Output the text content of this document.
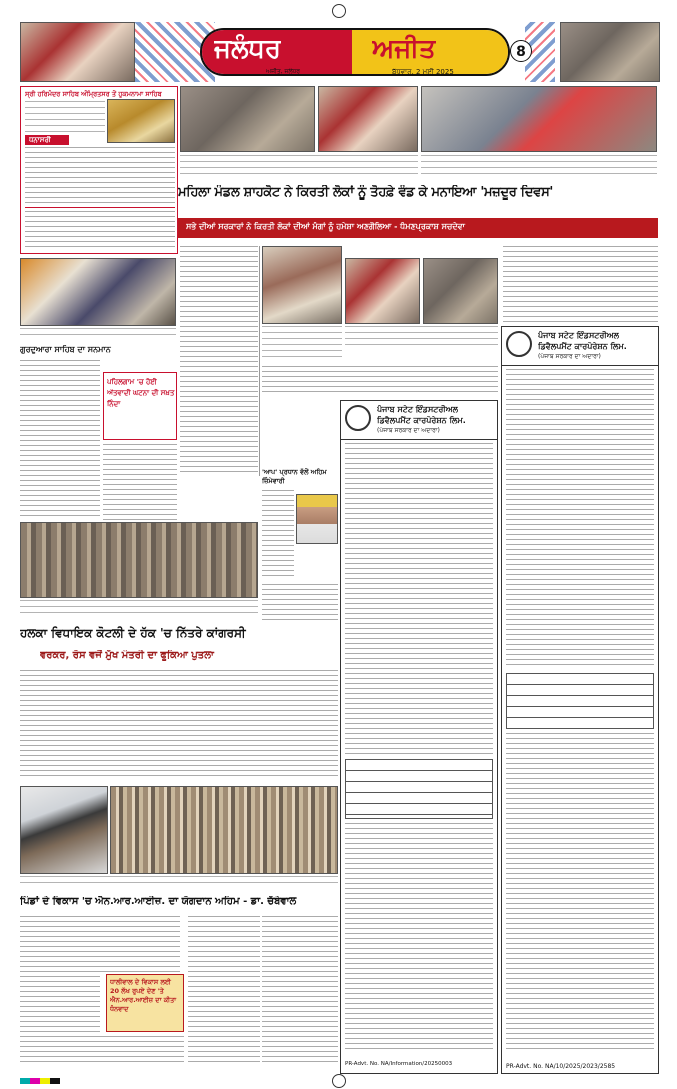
ਜਲੰਧਰ	ਅਜੀਤ
ਅਜੀਤ, ਜਲੰਧਰ	ਬੁੱਧਵਾਰ, 2 ਮਈ 2025
8
ਸ੍ਰੀ ਹਰਿਮੰਦਰ ਸਾਹਿਬ ਅੰਮ੍ਰਿਤਸਰ ਤੋਂ ਹੁਕਮਨਾਮਾ ਸਾਹਿਬ
ਧਨਾਸਰੀ
ਮਹਿਲਾ ਮੰਡਲ ਸ਼ਾਹਕੋਟ ਨੇ ਕਿਰਤੀ ਲੋਕਾਂ ਨੂੰ ਤੋਹਫ਼ੇ ਵੰਡ ਕੇ ਮਨਾਇਆ 'ਮਜ਼ਦੂਰ ਦਿਵਸ'
ਸਭੇ ਦੀਆਂ ਸਰਕਾਰਾਂ ਨੇ ਕਿਰਤੀ ਲੋਕਾਂ ਦੀਆਂ ਮੰਗਾਂ ਨੂੰ ਹਮੇਸ਼ਾ ਅਣਗੌਲਿਆ - ਧੰਮਣਪ੍ਰਕਾਸ਼ ਸਚਦੇਵਾ
ਗੁਰਦੁਆਰਾ ਸਾਹਿਬ ਦਾ ਸਨਮਾਨ
ਪਹਿਲਗਾਮ 'ਚ ਹੋਈ ਅੱਤਵਾਦੀ ਘਟਨਾ ਦੀ ਸਖ਼ਤ ਨਿੰਦਾ
ਪੰਜਾਬ ਸਟੇਟ ਇੰਡਸਟਰੀਅਲ
ਡਿਵੈਲਪਮੈਂਟ ਕਾਰਪੋਰੇਸ਼ਨ ਲਿਮ.
(ਪੰਜਾਬ ਸਰਕਾਰ ਦਾ ਅਦਾਰਾ)
PR-Advt. No. NA/10/2025/2023/2585
ਪੰਜਾਬ ਸਟੇਟ ਇੰਡਸਟਰੀਅਲ
ਡਿਵੈਲਪਮੈਂਟ ਕਾਰਪੋਰੇਸ਼ਨ ਲਿਮ.
(ਪੰਜਾਬ ਸਰਕਾਰ ਦਾ ਅਦਾਰਾ)
PR-Advt. No. NA/Information/20250003
'ਆਪ' ਪ੍ਰਧਾਨ ਵੱਲੋਂ ਅਹਿਮ ਜ਼ਿੰਮੇਵਾਰੀ
ਹਲਕਾ ਵਿਧਾਇਕ ਕੋਟਲੀ ਦੇ ਹੱਕ 'ਚ ਨਿੱਤਰੇ ਕਾਂਗਰਸੀ
ਵਰਕਰ, ਰੋਸ ਵਜੋਂ ਮੁੱਖ ਮੰਤਰੀ ਦਾ ਫੂਕਿਆ ਪੁਤਲਾ
ਪਿੰਡਾਂ ਦੇ ਵਿਕਾਸ 'ਚ ਐਨ.ਆਰ.ਆਈਜ਼. ਦਾ ਯੋਗਦਾਨ ਅਹਿਮ - ਡਾ. ਚੱਬੇਵਾਲ
ਧਾਲੀਵਾਲ ਦੇ ਵਿਕਾਸ ਲਈ 20 ਲੱਖ ਰੁਪਏ ਦੇਣ 'ਤੇ ਐਨ.ਆਰ.ਆਈਜ਼ ਦਾ ਕੀਤਾ ਧੰਨਵਾਦ
